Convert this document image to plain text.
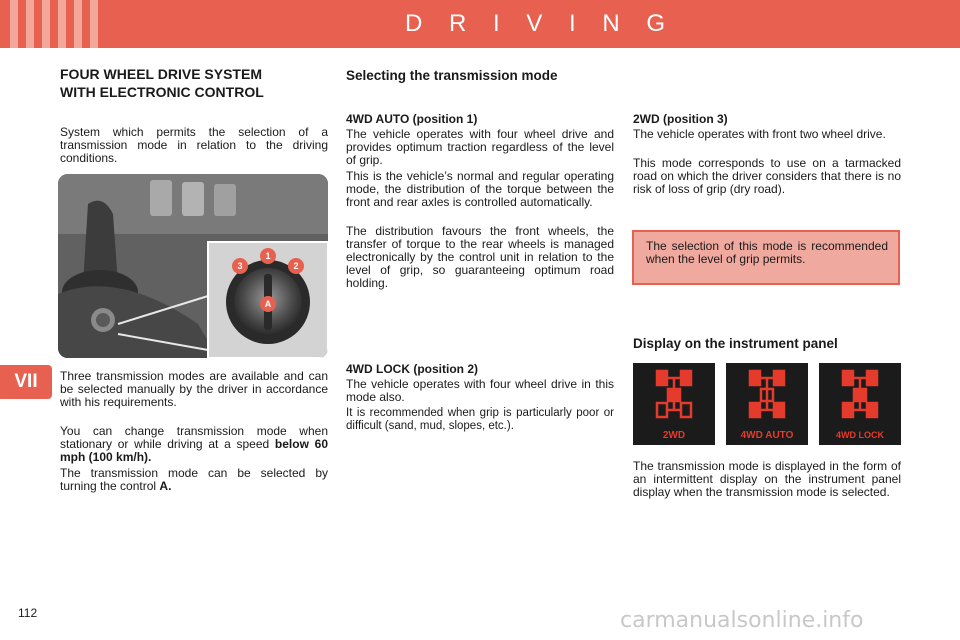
D R I V I N G
VII
FOUR WHEEL DRIVE SYSTEM
WITH ELECTRONIC CONTROL

System which permits the selection of a transmission mode in relation to the driving conditions.

1
2
3
A

Three transmission modes are available and can be selected manually by the driver in accordance with his requirements.

You can change transmission mode when stationary or while driving at a speed below 60 mph (100 km/h).

The transmission mode can be selected by turning the control A.

Selecting the transmission mode
4WD AUTO (position 1)

The vehicle operates with four wheel drive and provides optimum traction regardless of the level of grip.

This is the vehicle’s normal and regular operating mode, the distribution of the torque between the front and rear axles is controlled automatically.

The distribution favours the front wheels, the transfer of torque to the rear wheels is managed electronically by the control unit in relation to the level of grip, so guaranteeing optimum road holding.

4WD LOCK (position 2)

The vehicle operates with four wheel drive in this mode also.

It is recommended when grip is particularly poor or difficult (sand, mud, slopes, etc.).

2WD (position 3)

The vehicle operates with front two wheel drive.

This mode corresponds to use on a tarmacked road on which the driver considers that there is no risk of loss of grip (dry road).

The selection of this mode is recommended when the level of grip permits.
Display on the instrument panel
2WD	4WD AUTO	4WD LOCK

The transmission mode is displayed in the form of an intermittent display on the instrument panel display when the transmission mode is selected.

112	carmanualsonline.info
